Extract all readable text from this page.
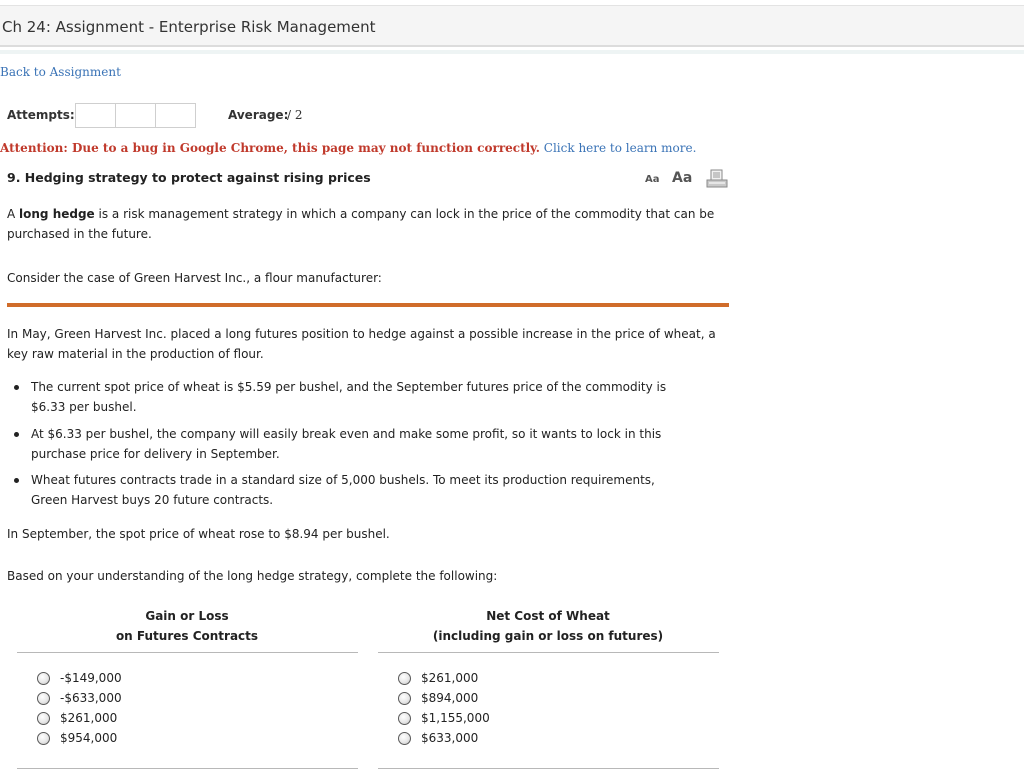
Ch 24: Assignment - Enterprise Risk Management
Back to Assignment
Attempts:	Average:
/ 2
Attention: Due to a bug in Google Chrome, this page may not function correctly. Click here to learn more.
9. Hedging strategy to protect against rising prices	Aa Aa
A long hedge is a risk management strategy in which a company can lock in the price of the commodity that can be
purchased in the future.
Consider the case of Green Harvest Inc., a flour manufacturer:
In May, Green Harvest Inc. placed a long futures position to hedge against a possible increase in the price of wheat, a
key raw material in the production of flour.
The current spot price of wheat is $5.59 per bushel, and the September futures price of the commodity is
$6.33 per bushel.
At $6.33 per bushel, the company will easily break even and make some profit, so it wants to lock in this
purchase price for delivery in September.
Wheat futures contracts trade in a standard size of 5,000 bushels. To meet its production requirements,
Green Harvest buys 20 future contracts.
In September, the spot price of wheat rose to $8.94 per bushel.
Based on your understanding of the long hedge strategy, complete the following:
Gain or Loss
on Futures Contracts
-$149,000
-$633,000
$261,000
$954,000
Net Cost of Wheat
(including gain or loss on futures)
$261,000
$894,000
$1,155,000
$633,000
